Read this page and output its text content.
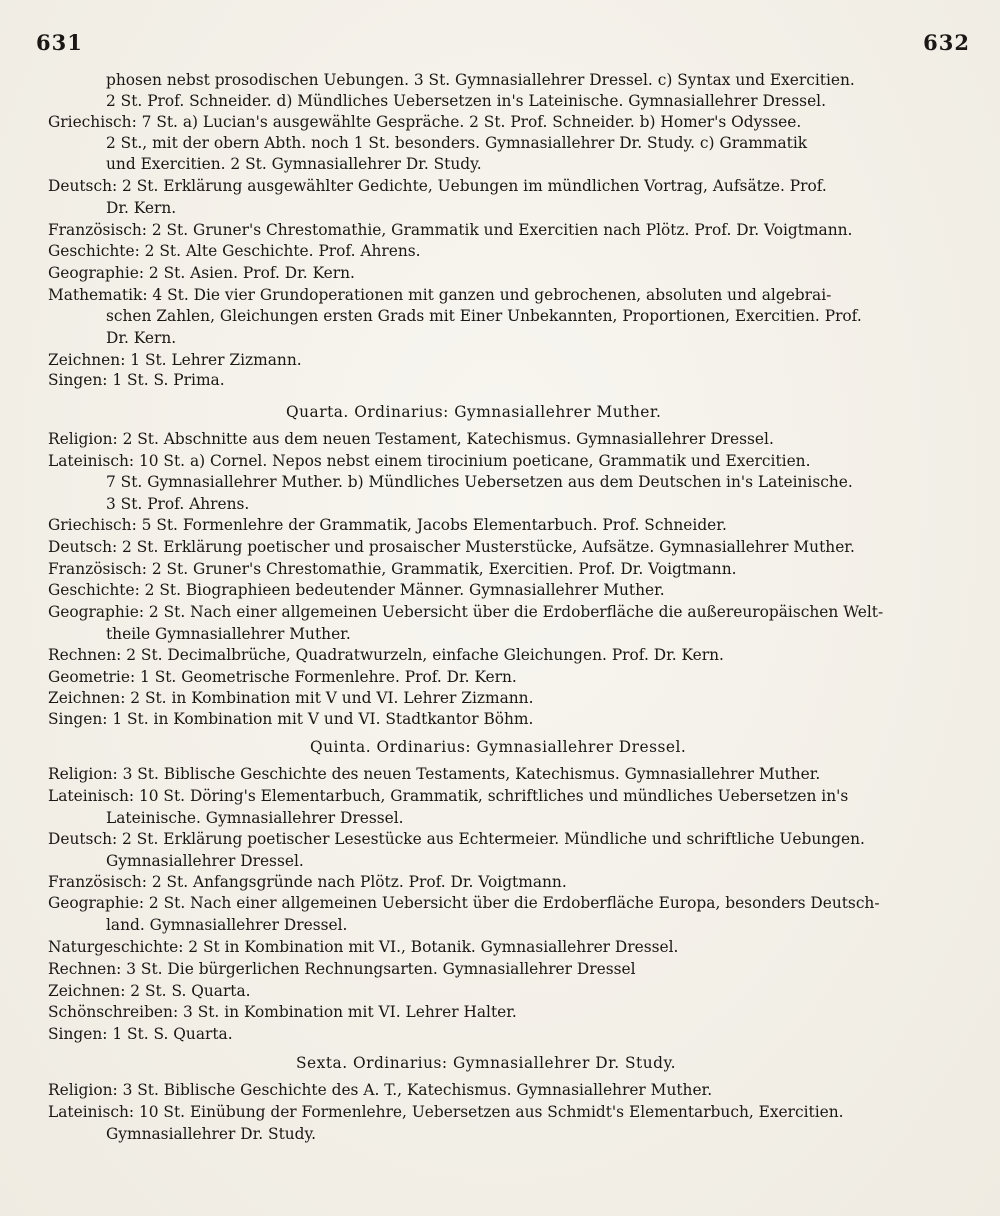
631	632
phosen nebst prosodischen Uebungen. 3 St. Gymnasiallehrer Dressel. c) Syntax und Exercitien.
2 St. Prof. Schneider. d) Mündliches Uebersetzen in's Lateinische. Gymnasiallehrer Dressel.
Griechisch: 7 St. a) Lucian's ausgewählte Gespräche. 2 St. Prof. Schneider. b) Homer's Odyssee.
2 St., mit der obern Abth. noch 1 St. besonders. Gymnasiallehrer Dr. Study. c) Grammatik
und Exercitien. 2 St. Gymnasiallehrer Dr. Study.
Deutsch: 2 St. Erklärung ausgewählter Gedichte, Uebungen im mündlichen Vortrag, Aufsätze. Prof.
Dr. Kern.
Französisch: 2 St. Gruner's Chrestomathie, Grammatik und Exercitien nach Plötz. Prof. Dr. Voigtmann.
Geschichte: 2 St. Alte Geschichte. Prof. Ahrens.
Geographie: 2 St. Asien. Prof. Dr. Kern.
Mathematik: 4 St. Die vier Grundoperationen mit ganzen und gebrochenen, absoluten und algebrai-
schen Zahlen, Gleichungen ersten Grads mit Einer Unbekannten, Proportionen, Exercitien. Prof.
Dr. Kern.
Zeichnen: 1 St. Lehrer Zizmann.
Singen: 1 St. S. Prima.
Quarta. Ordinarius: Gymnasiallehrer Muther.
Religion: 2 St. Abschnitte aus dem neuen Testament, Katechismus. Gymnasiallehrer Dressel.
Lateinisch: 10 St. a) Cornel. Nepos nebst einem tirocinium poeticane, Grammatik und Exercitien.
7 St. Gymnasiallehrer Muther. b) Mündliches Uebersetzen aus dem Deutschen in's Lateinische.
3 St. Prof. Ahrens.
Griechisch: 5 St. Formenlehre der Grammatik, Jacobs Elementarbuch. Prof. Schneider.
Deutsch: 2 St. Erklärung poetischer und prosaischer Musterstücke, Aufsätze. Gymnasiallehrer Muther.
Französisch: 2 St. Gruner's Chrestomathie, Grammatik, Exercitien. Prof. Dr. Voigtmann.
Geschichte: 2 St. Biographieen bedeutender Männer. Gymnasiallehrer Muther.
Geographie: 2 St. Nach einer allgemeinen Uebersicht über die Erdoberfläche die außereuropäischen Welt-
theile Gymnasiallehrer Muther.
Rechnen: 2 St. Decimalbrüche, Quadratwurzeln, einfache Gleichungen. Prof. Dr. Kern.
Geometrie: 1 St. Geometrische Formenlehre. Prof. Dr. Kern.
Zeichnen: 2 St. in Kombination mit V und VI. Lehrer Zizmann.
Singen: 1 St. in Kombination mit V und VI. Stadtkantor Böhm.
Quinta. Ordinarius: Gymnasiallehrer Dressel.
Religion: 3 St. Biblische Geschichte des neuen Testaments, Katechismus. Gymnasiallehrer Muther.
Lateinisch: 10 St. Döring's Elementarbuch, Grammatik, schriftliches und mündliches Uebersetzen in's
Lateinische. Gymnasiallehrer Dressel.
Deutsch: 2 St. Erklärung poetischer Lesestücke aus Echtermeier. Mündliche und schriftliche Uebungen.
Gymnasiallehrer Dressel.
Französisch: 2 St. Anfangsgründe nach Plötz. Prof. Dr. Voigtmann.
Geographie: 2 St. Nach einer allgemeinen Uebersicht über die Erdoberfläche Europa, besonders Deutsch-
land. Gymnasiallehrer Dressel.
Naturgeschichte: 2 St in Kombination mit VI., Botanik. Gymnasiallehrer Dressel.
Rechnen: 3 St. Die bürgerlichen Rechnungsarten. Gymnasiallehrer Dressel
Zeichnen: 2 St. S. Quarta.
Schönschreiben: 3 St. in Kombination mit VI. Lehrer Halter.
Singen: 1 St. S. Quarta.
Sexta. Ordinarius: Gymnasiallehrer Dr. Study.
Religion: 3 St. Biblische Geschichte des A. T., Katechismus. Gymnasiallehrer Muther.
Lateinisch: 10 St. Einübung der Formenlehre, Uebersetzen aus Schmidt's Elementarbuch, Exercitien.
Gymnasiallehrer Dr. Study.
